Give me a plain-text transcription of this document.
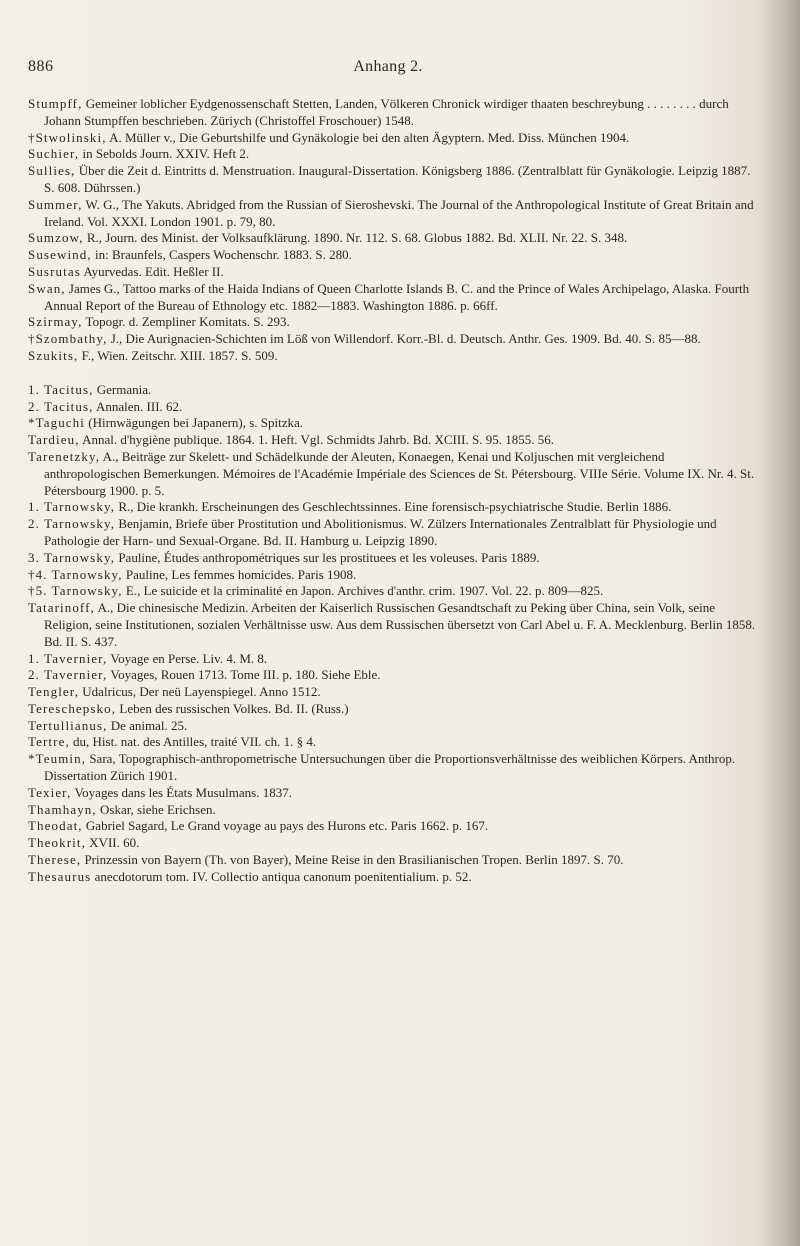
886	Anhang 2.

Stumpff, Gemeiner loblicher Eydgenossenschaft Stetten, Landen, Völkeren Chronick wirdiger thaaten beschreybung . . . . . . . . durch Johann Stumpffen beschrieben. Züriych (Christoffel Froschouer) 1548.

†Stwolinski, A. Müller v., Die Geburtshilfe und Gynäkologie bei den alten Ägyptern. Med. Diss. München 1904.

Suchier, in Sebolds Journ. XXIV. Heft 2.

Sullies, Über die Zeit d. Eintritts d. Menstruation. Inaugural-Dissertation. Königsberg 1886. (Zentralblatt für Gynäkologie. Leipzig 1887. S. 608. Dührssen.)

Summer, W. G., The Yakuts. Abridged from the Russian of Sieroshevski. The Journal of the Anthropological Institute of Great Britain and Ireland. Vol. XXXI. London 1901. p. 79, 80.

Sumzow, R., Journ. des Minist. der Volksaufklärung. 1890. Nr. 112. S. 68. Globus 1882. Bd. XLII. Nr. 22. S. 348.

Susewind, in: Braunfels, Caspers Wochenschr. 1883. S. 280.

Susrutas Ayurvedas. Edit. Heßler II.

Swan, James G., Tattoo marks of the Haida Indians of Queen Charlotte Islands B. C. and the Prince of Wales Archipelago, Alaska. Fourth Annual Report of the Bureau of Ethnology etc. 1882—1883. Washington 1886. p. 66ff.

Szirmay, Topogr. d. Zempliner Komitats. S. 293.

†Szombathy, J., Die Aurignacien-Schichten im Löß von Willendorf. Korr.-Bl. d. Deutsch. Anthr. Ges. 1909. Bd. 40. S. 85—88.

Szukits, F., Wien. Zeitschr. XIII. 1857. S. 509.

1. Tacitus, Germania.

2. Tacitus, Annalen. III. 62.

*Taguchi (Hirnwägungen bei Japanern), s. Spitzka.

Tardieu, Annal. d'hygiène publique. 1864. 1. Heft. Vgl. Schmidts Jahrb. Bd. XCIII. S. 95. 1855. 56.

Tarenetzky, A., Beiträge zur Skelett- und Schädelkunde der Aleuten, Konaegen, Kenai und Koljuschen mit vergleichend anthropologischen Bemerkungen. Mémoires de l'Académie Impériale des Sciences de St. Pétersbourg. VIIIe Série. Volume IX. Nr. 4. St. Pétersbourg 1900. p. 5.

1. Tarnowsky, R., Die krankh. Erscheinungen des Geschlechtssinnes. Eine forensisch-psychiatrische Studie. Berlin 1886.

2. Tarnowsky, Benjamin, Briefe über Prostitution und Abolitionismus. W. Zülzers Internationales Zentralblatt für Physiologie und Pathologie der Harn- und Sexual-Organe. Bd. II. Hamburg u. Leipzig 1890.

3. Tarnowsky, Pauline, Études anthropométriques sur les prostituees et les voleuses. Paris 1889.

†4. Tarnowsky, Pauline, Les femmes homicides. Paris 1908.

†5. Tarnowsky, E., Le suicide et la criminalité en Japon. Archives d'anthr. crim. 1907. Vol. 22. p. 809—825.

Tatarinoff, A., Die chinesische Medizin. Arbeiten der Kaiserlich Russischen Gesandtschaft zu Peking über China, sein Volk, seine Religion, seine Institutionen, sozialen Verhältnisse usw. Aus dem Russischen übersetzt von Carl Abel u. F. A. Mecklenburg. Berlin 1858. Bd. II. S. 437.

1. Tavernier, Voyage en Perse. Liv. 4. M. 8.

2. Tavernier, Voyages, Rouen 1713. Tome III. p. 180. Siehe Eble.

Tengler, Udalricus, Der neü Layenspiegel. Anno 1512.

Tereschepsko, Leben des russischen Volkes. Bd. II. (Russ.)

Tertullianus, De animal. 25.

Tertre, du, Hist. nat. des Antilles, traité VII. ch. 1. § 4.

*Teumin, Sara, Topographisch-anthropometrische Untersuchungen über die Proportionsverhältnisse des weiblichen Körpers. Anthrop. Dissertation Zürich 1901.

Texier, Voyages dans les États Musulmans. 1837.

Thamhayn, Oskar, siehe Erichsen.

Theodat, Gabriel Sagard, Le Grand voyage au pays des Hurons etc. Paris 1662. p. 167.

Theokrit, XVII. 60.

Therese, Prinzessin von Bayern (Th. von Bayer), Meine Reise in den Brasilianischen Tropen. Berlin 1897. S. 70.

Thesaurus anecdotorum tom. IV. Collectio antiqua canonum poenitentialium. p. 52.
